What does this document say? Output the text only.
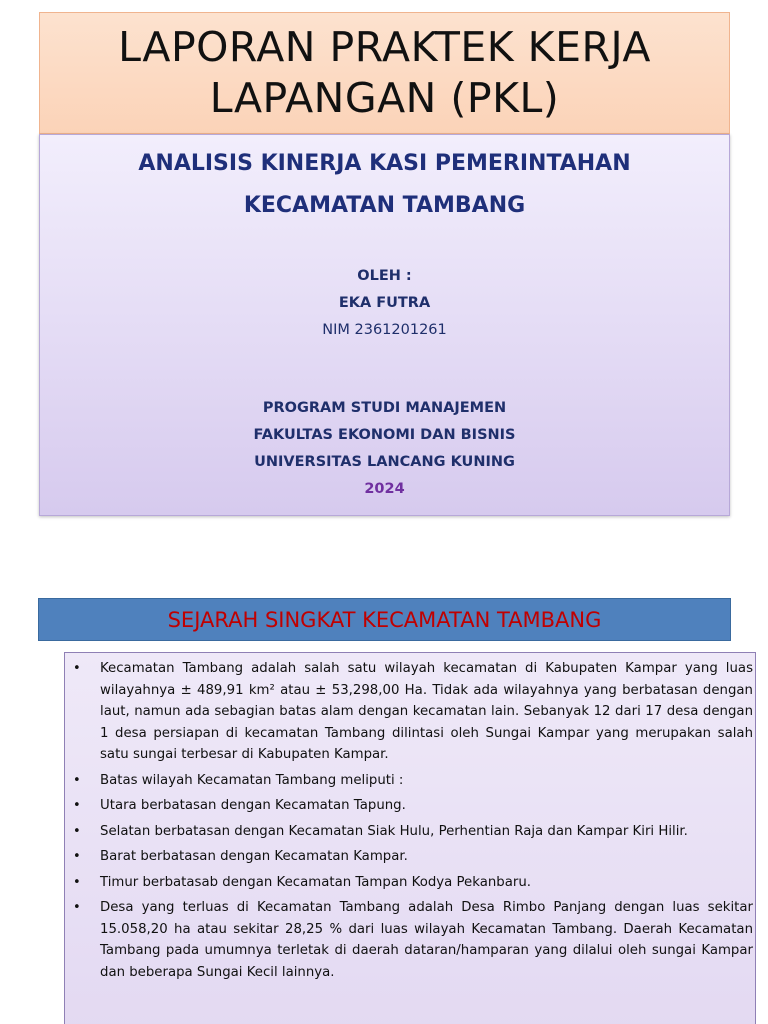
LAPORAN PRAKTEK KERJA LAPANGAN (PKL)
ANALISIS KINERJA KASI PEMERINTAHAN
KECAMATAN TAMBANG
OLEH :
EKA FUTRA
NIM 2361201261
PROGRAM STUDI MANAJEMEN
FAKULTAS EKONOMI DAN BISNIS
UNIVERSITAS LANCANG KUNING
2024
SEJARAH SINGKAT KECAMATAN TAMBANG
• Kecamatan Tambang adalah salah satu wilayah kecamatan di Kabupaten Kampar yang luas wilayahnya ± 489,91 km² atau ± 53,298,00 Ha. Tidak ada wilayahnya yang berbatasan dengan laut, namun ada sebagian batas alam dengan kecamatan lain. Sebanyak 12 dari 17 desa dengan 1 desa persiapan di kecamatan Tambang dilintasi oleh Sungai Kampar yang merupakan salah satu sungai terbesar di Kabupaten Kampar.
• Batas wilayah Kecamatan Tambang meliputi :
• Utara berbatasan dengan Kecamatan Tapung.
• Selatan berbatasan dengan Kecamatan Siak Hulu, Perhentian Raja dan Kampar Kiri Hilir.
• Barat berbatasan dengan Kecamatan Kampar.
• Timur berbatasab dengan Kecamatan Tampan Kodya Pekanbaru.
• Desa yang terluas di Kecamatan Tambang adalah Desa Rimbo Panjang dengan luas sekitar 15.058,20 ha atau sekitar 28,25 % dari luas wilayah Kecamatan Tambang. Daerah Kecamatan Tambang pada umumnya terletak di daerah dataran/hamparan yang dilalui oleh sungai Kampar dan beberapa Sungai Kecil lainnya.
